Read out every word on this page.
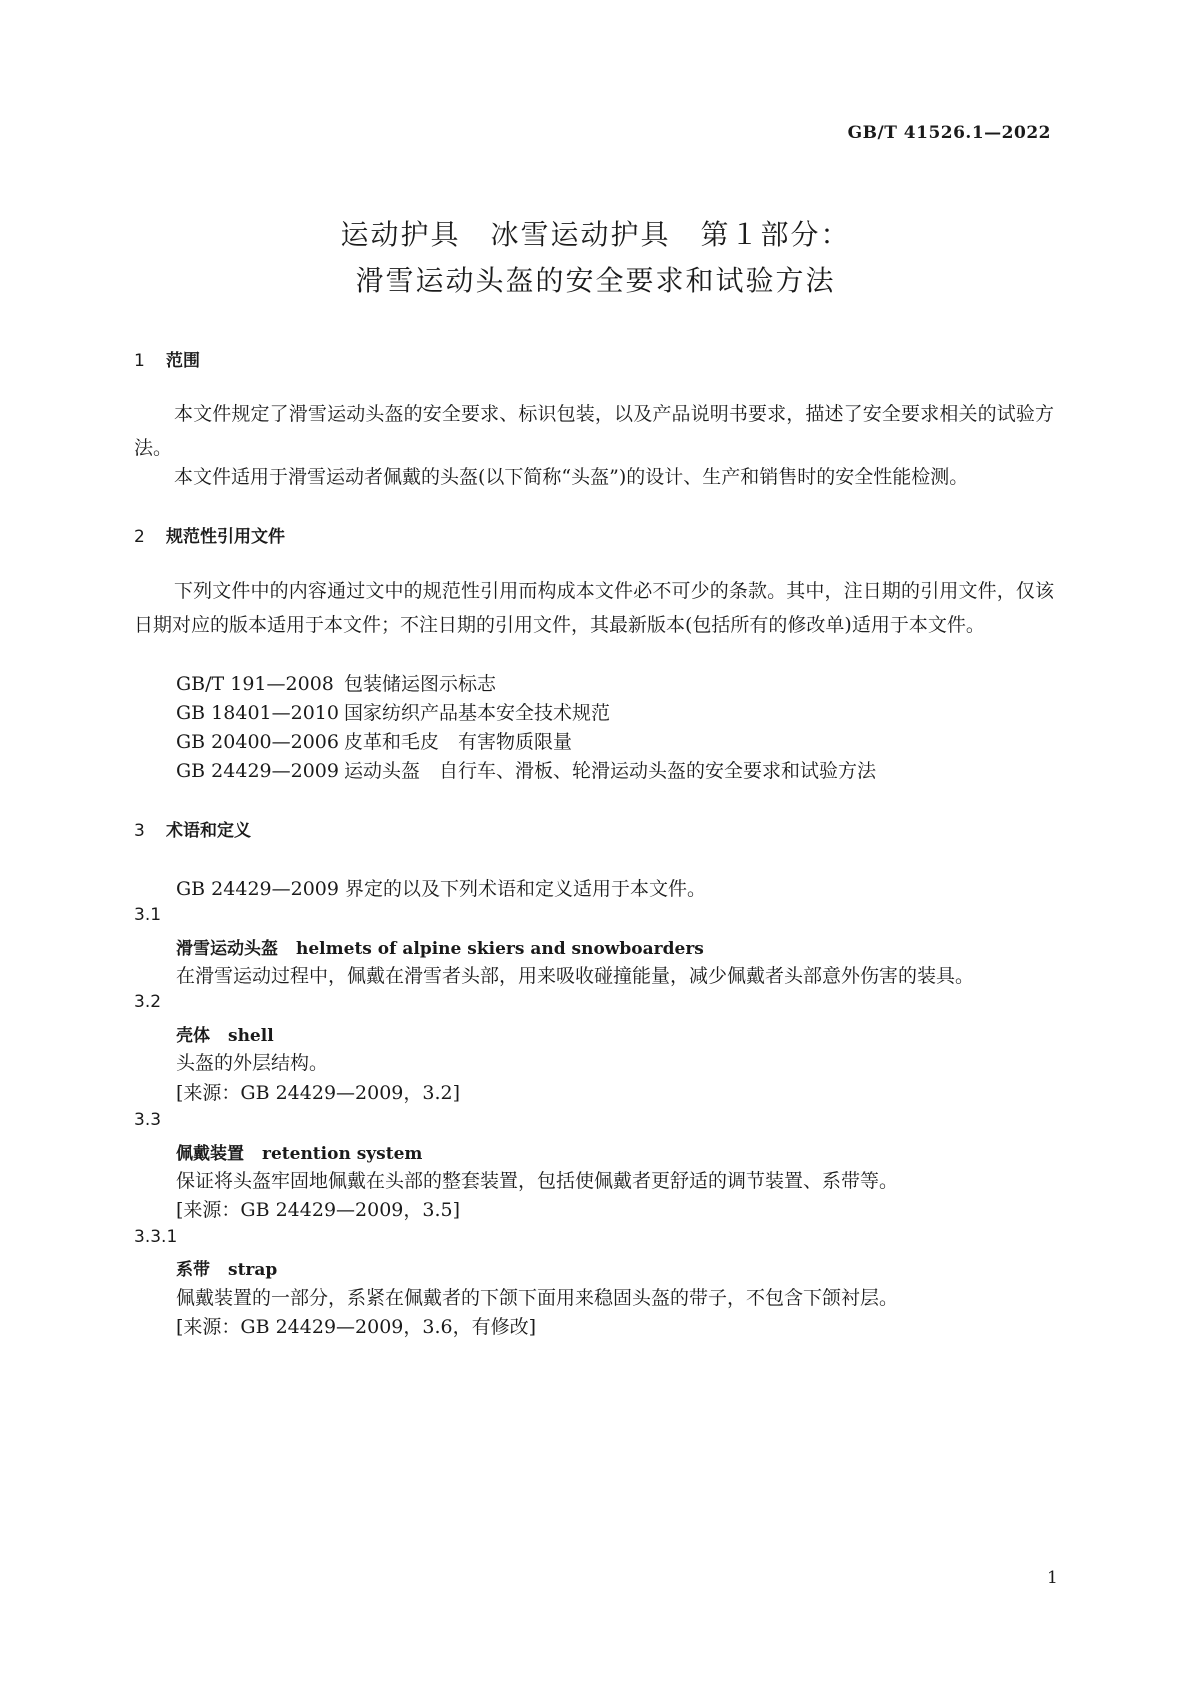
GB/T 41526.1—2022
运动护具　冰雪运动护具　第１部分：
滑雪运动头盔的安全要求和试验方法
1 范围
本文件规定了滑雪运动头盔的安全要求、标识包装，以及产品说明书要求，描述了安全要求相关的试验方法。
本文件适用于滑雪运动者佩戴的头盔(以下简称“头盔”)的设计、生产和销售时的安全性能检测。
2 规范性引用文件
下列文件中的内容通过文中的规范性引用而构成本文件必不可少的条款。其中，注日期的引用文件，仅该日期对应的版本适用于本文件；不注日期的引用文件，其最新版本(包括所有的修改单)适用于本文件。
GB/T 191—2008 包装储运图示标志
GB 18401—2010 国家纺织产品基本安全技术规范
GB 20400—2006 皮革和毛皮　有害物质限量
GB 24429—2009 运动头盔　自行车、滑板、轮滑运动头盔的安全要求和试验方法
3 术语和定义
GB 24429—2009 界定的以及下列术语和定义适用于本文件。
3.1
滑雪运动头盔 helmets of alpine skiers and snowboarders
在滑雪运动过程中，佩戴在滑雪者头部，用来吸收碰撞能量，减少佩戴者头部意外伤害的装具。
3.2
壳体 shell
头盔的外层结构。
[来源：GB 24429—2009，3.2]
3.3
佩戴装置 retention system
保证将头盔牢固地佩戴在头部的整套装置，包括使佩戴者更舒适的调节装置、系带等。
[来源：GB 24429—2009，3.5]
3.3.1
系带 strap
佩戴装置的一部分，系紧在佩戴者的下颌下面用来稳固头盔的带子，不包含下颌衬层。
[来源：GB 24429—2009，3.6，有修改]
1
